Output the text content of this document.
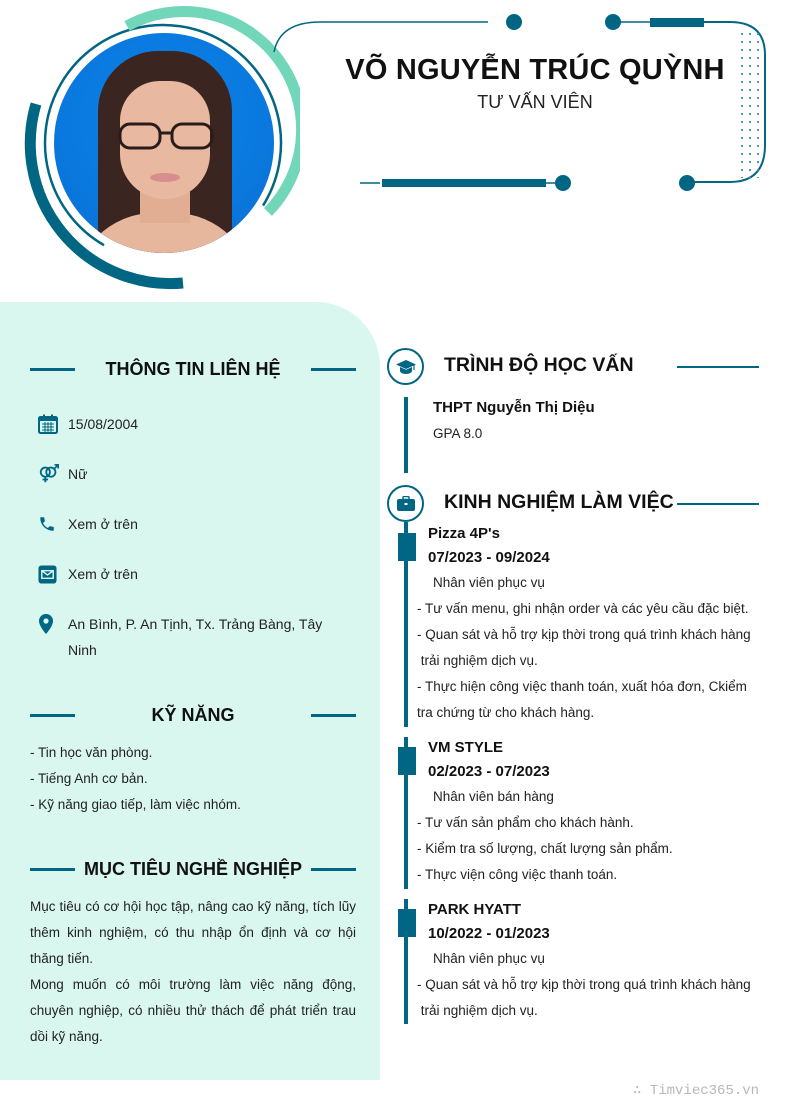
VÕ NGUYỄN TRÚC QUỲNH
TƯ VẤN VIÊN
THÔNG TIN LIÊN HỆ
15/08/2004
Nữ
Xem ở trên
Xem ở trên
An Bình, P. An Tịnh, Tx. Trảng Bàng, Tây Ninh
KỸ NĂNG
- Tin học văn phòng.
- Tiếng Anh cơ bản.
- Kỹ năng giao tiếp, làm việc nhóm.
MỤC TIÊU NGHỀ NGHIỆP
Mục tiêu có cơ hội học tập, nâng cao kỹ năng, tích lũy thêm kinh nghiệm, có thu nhập ổn định và cơ hội thăng tiến.
Mong muốn có môi trường làm việc năng động, chuyên nghiệp, có nhiều thử thách để phát triển trau dồi kỹ năng.
TRÌNH ĐỘ HỌC VẤN
THPT Nguyễn Thị Diệu
GPA 8.0
KINH NGHIỆM LÀM VIỆC
Pizza 4P's
07/2023 - 09/2024
Nhân viên phục vụ
- Tư vấn menu, ghi nhận order và các yêu cầu đặc biệt.
- Quan sát và hỗ trợ kịp thời trong quá trình khách hàng
trải nghiệm dịch vụ.
- Thực hiện công việc thanh toán, xuất hóa đơn, Ckiểm
tra chứng từ cho khách hàng.
VM STYLE
02/2023 - 07/2023
Nhân viên bán hàng
- Tư vấn sản phẩm cho khách hành.
- Kiểm tra số lượng, chất lượng sản phẩm.
- Thực viện công việc thanh toán.
PARK HYATT
10/2022 - 01/2023
Nhân viên phục vụ
- Quan sát và hỗ trợ kịp thời trong quá trình khách hàng
trải nghiệm dịch vụ.
∴ Timviec365.vn
